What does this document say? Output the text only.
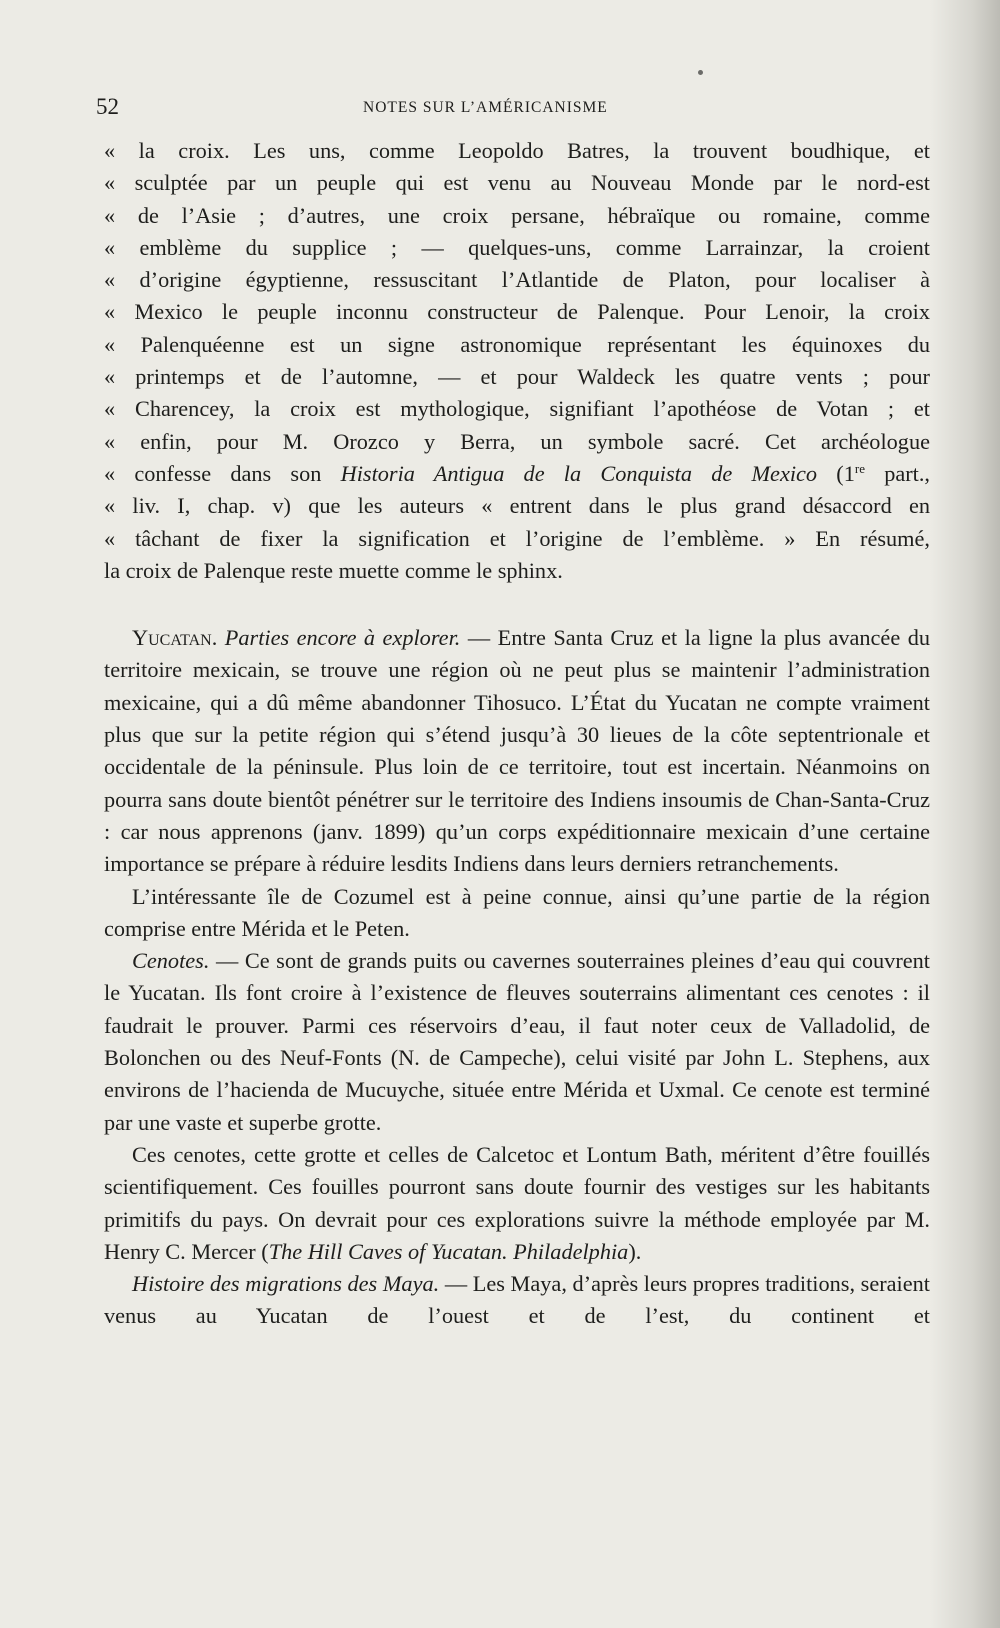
52	NOTES SUR L’AMÉRICANISME

« la croix. Les uns, comme Leopoldo Batres, la trouvent boudhique, et

« sculptée par un peuple qui est venu au Nouveau Monde par le nord-est

« de l’Asie ; d’autres, une croix persane, hébraïque ou romaine, comme

« emblème du supplice ; — quelques-uns, comme Larrainzar, la croient

« d’origine égyptienne, ressuscitant l’Atlantide de Platon, pour localiser à

« Mexico le peuple inconnu constructeur de Palenque. Pour Lenoir, la croix

« Palenquéenne est un signe astronomique représentant les équinoxes du

« printemps et de l’automne, — et pour Waldeck les quatre vents ; pour

« Charencey, la croix est mythologique, signifiant l’apothéose de Votan ; et

« enfin, pour M. Orozco y Berra, un symbole sacré. Cet archéologue

« confesse dans son Historia Antigua de la Conquista de Mexico (1re part.,

« liv. I, chap. v) que les auteurs « entrent dans le plus grand désaccord en

« tâchant de fixer la signification et l’origine de l’emblème. » En résumé,

la croix de Palenque reste muette comme le sphinx.

Yucatan. Parties encore à explorer. — Entre Santa Cruz et la ligne la plus avancée du territoire mexicain, se trouve une région où ne peut plus se maintenir l’administration mexicaine, qui a dû même abandonner Tihosuco. L’État du Yucatan ne compte vraiment plus que sur la petite région qui s’étend jusqu’à 30 lieues de la côte septentrionale et occidentale de la péninsule. Plus loin de ce territoire, tout est incertain. Néanmoins on pourra sans doute bientôt pénétrer sur le territoire des Indiens insoumis de Chan-Santa-Cruz : car nous apprenons (janv. 1899) qu’un corps expéditionnaire mexicain d’une certaine importance se prépare à réduire lesdits Indiens dans leurs derniers retranchements.

L’intéressante île de Cozumel est à peine connue, ainsi qu’une partie de la région comprise entre Mérida et le Peten.

Cenotes. — Ce sont de grands puits ou cavernes souterraines pleines d’eau qui couvrent le Yucatan. Ils font croire à l’existence de fleuves souterrains alimentant ces cenotes : il faudrait le prouver. Parmi ces réservoirs d’eau, il faut noter ceux de Valladolid, de Bolonchen ou des Neuf-Fonts (N. de Campeche), celui visité par John L. Stephens, aux environs de l’hacienda de Mucuyche, située entre Mérida et Uxmal. Ce cenote est terminé par une vaste et superbe grotte.

Ces cenotes, cette grotte et celles de Calcetoc et Lontum Bath, méritent d’être fouillés scientifiquement. Ces fouilles pourront sans doute fournir des vestiges sur les habitants primitifs du pays. On devrait pour ces explorations suivre la méthode employée par M. Henry C. Mercer (The Hill Caves of Yucatan. Philadelphia).

Histoire des migrations des Maya. — Les Maya, d’après leurs propres traditions, seraient venus au Yucatan de l’ouest et de l’est, du continent et
